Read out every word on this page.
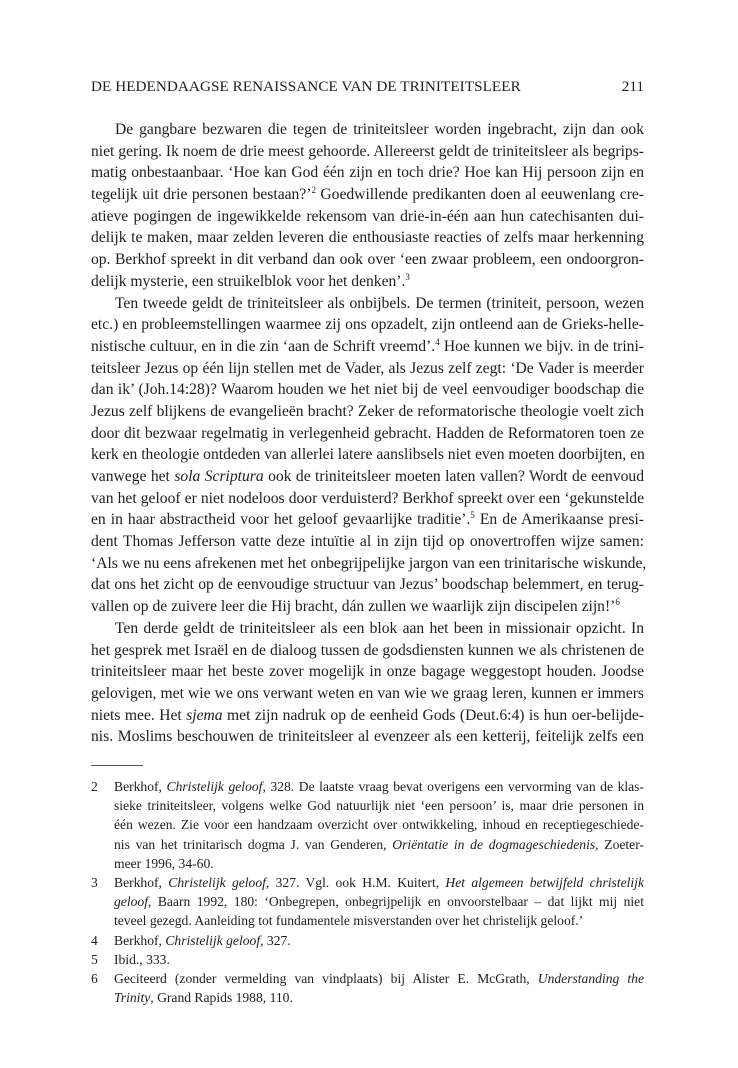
DE HEDENDAAGSE RENAISSANCE VAN DE TRINITEITSLEER	211
De gangbare bezwaren die tegen de triniteitsleer worden ingebracht, zijn dan ook
niet gering. Ik noem de drie meest gehoorde. Allereerst geldt de triniteitsleer als begrips-
matig onbestaanbaar. ‘Hoe kan God één zijn en toch drie? Hoe kan Hij persoon zijn en
tegelijk uit drie personen bestaan?’$^2$ Goedwillende predikanten doen al eeuwenlang cre-
atieve pogingen de ingewikkelde rekensom van drie-in-één aan hun catechisanten dui-
delijk te maken, maar zelden leveren die enthousiaste reacties of zelfs maar herkenning
op. Berkhof spreekt in dit verband dan ook over ‘een zwaar probleem, een ondoorgron-
delijk mysterie, een struikelblok voor het denken’.$^3$
Ten tweede geldt de triniteitsleer als onbijbels. De termen (triniteit, persoon, wezen
etc.) en probleemstellingen waarmee zij ons opzadelt, zijn ontleend aan de Grieks-helle-
nistische cultuur, en in die zin ‘aan de Schrift vreemd’.$^4$ Hoe kunnen we bijv. in de trini-
teitsleer Jezus op één lijn stellen met de Vader, als Jezus zelf zegt: ‘De Vader is meerder
dan ik’ (Joh.14:28)? Waarom houden we het niet bij de veel eenvoudiger boodschap die
Jezus zelf blijkens de evangelieën bracht? Zeker de reformatorische theologie voelt zich
door dit bezwaar regelmatig in verlegenheid gebracht. Hadden de Reformatoren toen ze
kerk en theologie ontdeden van allerlei latere aanslibsels niet even moeten doorbijten, en
vanwege het sola Scriptura ook de triniteitsleer moeten laten vallen? Wordt de eenvoud
van het geloof er niet nodeloos door verduisterd? Berkhof spreekt over een ‘gekunstelde
en in haar abstractheid voor het geloof gevaarlijke traditie’.$^5$ En de Amerikaanse presi-
dent Thomas Jefferson vatte deze intuïtie al in zijn tijd op onovertroffen wijze samen:
‘Als we nu eens afrekenen met het onbegrijpelijke jargon van een trinitarische wiskunde,
dat ons het zicht op de eenvoudige structuur van Jezus’ boodschap belemmert, en terug-
vallen op de zuivere leer die Hij bracht, dán zullen we waarlijk zijn discipelen zijn!’$^6$
Ten derde geldt de triniteitsleer als een blok aan het been in missionair opzicht. In
het gesprek met Israël en de dialoog tussen de godsdiensten kunnen we als christenen de
triniteitsleer maar het beste zover mogelijk in onze bagage weggestopt houden. Joodse
gelovigen, met wie we ons verwant weten en van wie we graag leren, kunnen er immers
niets mee. Het sjema met zijn nadruk op de eenheid Gods (Deut.6:4) is hun oer-belijde-
nis. Moslims beschouwen de triniteitsleer al evenzeer als een ketterij, feitelijk zelfs een
2 Berkhof, Christelijk geloof, 328. De laatste vraag bevat overigens een vervorming van de klas-
sieke triniteitsleer, volgens welke God natuurlijk niet ‘een persoon’ is, maar drie personen in
één wezen. Zie voor een handzaam overzicht over ontwikkeling, inhoud en receptiegeschiede-
nis van het trinitarisch dogma J. van Genderen, Oriëntatie in de dogmageschiedenis, Zoeter-
meer 1996, 34-60.
3 Berkhof, Christelijk geloof, 327. Vgl. ook H.M. Kuitert, Het algemeen betwijfeld christelijk
geloof, Baarn 1992, 180: ‘Onbegrepen, onbegrijpelijk en onvoorstelbaar – dat lijkt mij niet
teveel gezegd. Aanleiding tot fundamentele misverstanden over het christelijk geloof.’
4 Berkhof, Christelijk geloof, 327.
5 Ibid., 333.
6 Geciteerd (zonder vermelding van vindplaats) bij Alister E. McGrath, Understanding the
Trinity, Grand Rapids 1988, 110.
